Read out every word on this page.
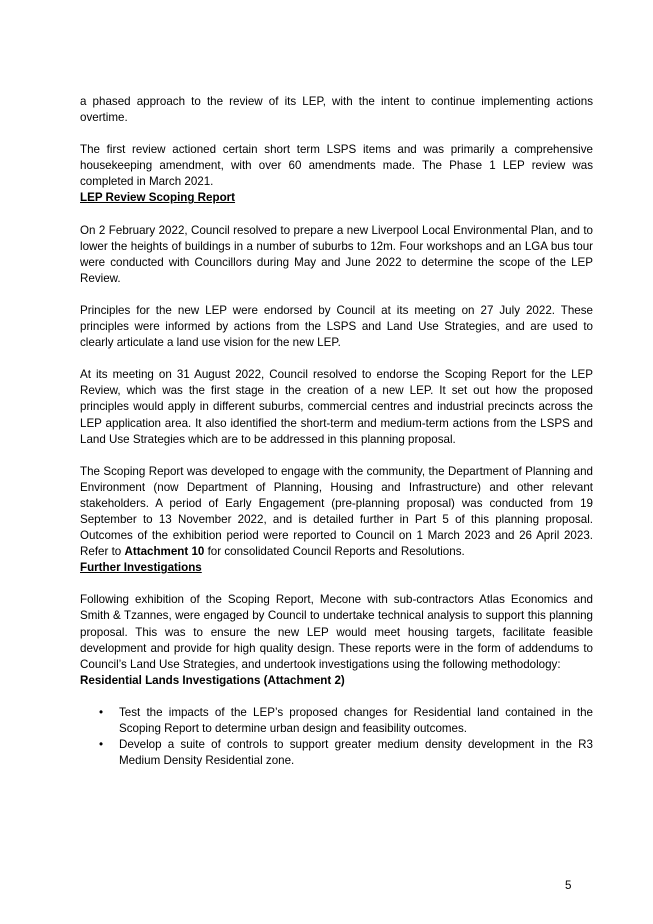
a phased approach to the review of its LEP, with the intent to continue implementing actions overtime.

The first review actioned certain short term LSPS items and was primarily a comprehensive housekeeping amendment, with over 60 amendments made. The Phase 1 LEP review was completed in March 2021.

LEP Review Scoping Report

On 2 February 2022, Council resolved to prepare a new Liverpool Local Environmental Plan, and to lower the heights of buildings in a number of suburbs to 12m. Four workshops and an LGA bus tour were conducted with Councillors during May and June 2022 to determine the scope of the LEP Review.

Principles for the new LEP were endorsed by Council at its meeting on 27 July 2022. These principles were informed by actions from the LSPS and Land Use Strategies, and are used to clearly articulate a land use vision for the new LEP.

At its meeting on 31 August 2022, Council resolved to endorse the Scoping Report for the LEP Review, which was the first stage in the creation of a new LEP. It set out how the proposed principles would apply in different suburbs, commercial centres and industrial precincts across the LEP application area. It also identified the short-term and medium-term actions from the LSPS and Land Use Strategies which are to be addressed in this planning proposal.

The Scoping Report was developed to engage with the community, the Department of Planning and Environment (now Department of Planning, Housing and Infrastructure) and other relevant stakeholders. A period of Early Engagement (pre-planning proposal) was conducted from 19 September to 13 November 2022, and is detailed further in Part 5 of this planning proposal. Outcomes of the exhibition period were reported to Council on 1 March 2023 and 26 April 2023. Refer to Attachment 10 for consolidated Council Reports and Resolutions.

Further Investigations

Following exhibition of the Scoping Report, Mecone with sub-contractors Atlas Economics and Smith & Tzannes, were engaged by Council to undertake technical analysis to support this planning proposal. This was to ensure the new LEP would meet housing targets, facilitate feasible development and provide for high quality design. These reports were in the form of addendums to Council’s Land Use Strategies, and undertook investigations using the following methodology:

Residential Lands Investigations (Attachment 2)
• Test the impacts of the LEP’s proposed changes for Residential land contained in the Scoping Report to determine urban design and feasibility outcomes.
• Develop a suite of controls to support greater medium density development in the R3 Medium Density Residential zone.
5
